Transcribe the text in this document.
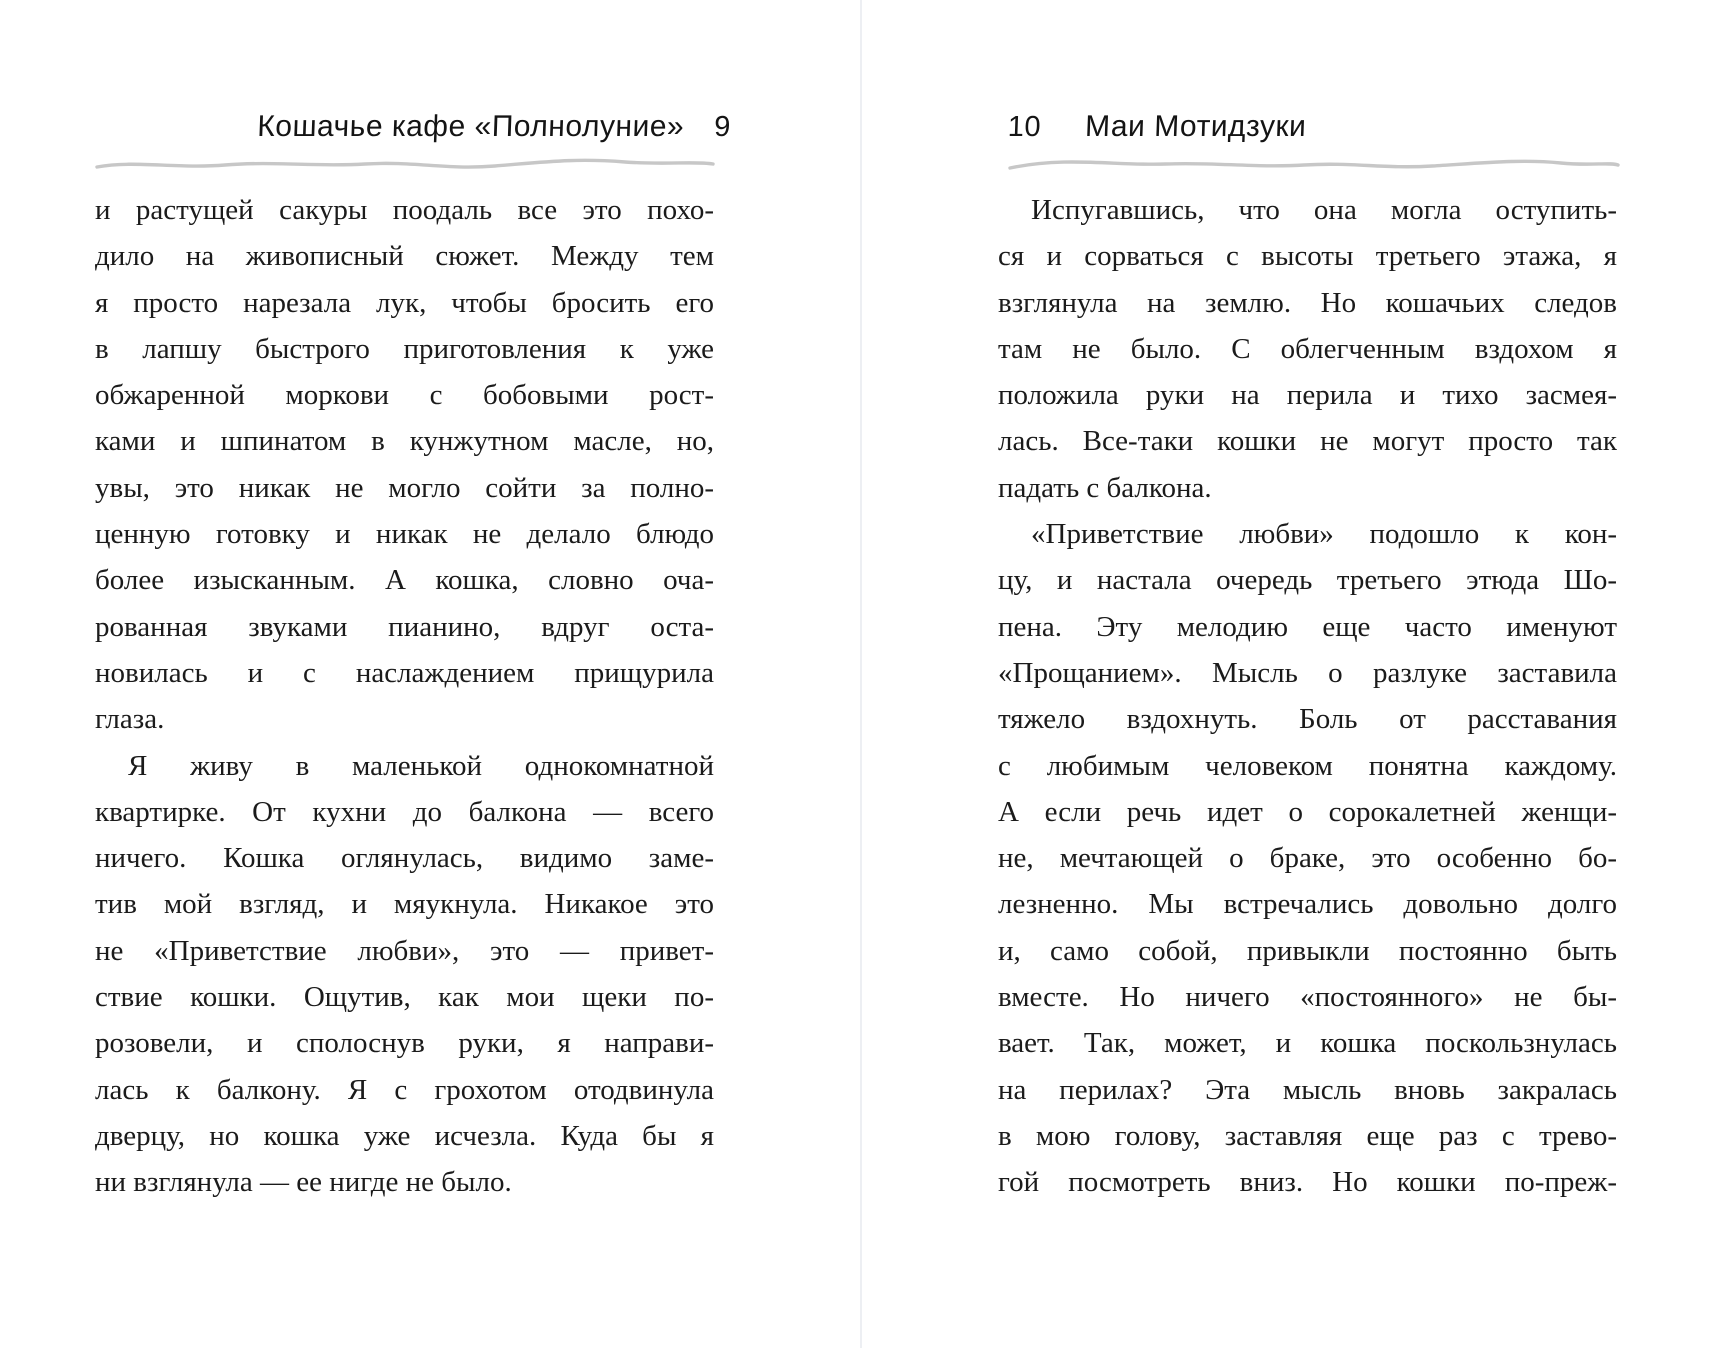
Кошачье кафе «Полнолуние» 9	10 Маи Мотидзуки
и растущей сакуры поодаль все это похо-
дило на живописный сюжет. Между тем
я просто нарезала лук, чтобы бросить его
в лапшу быстрого приготовления к уже
обжаренной моркови с бобовыми рост-
ками и шпинатом в кунжутном масле, но,
увы, это никак не могло сойти за полно-
ценную готовку и никак не делало блюдо
более изысканным. А кошка, словно оча-
рованная звуками пианино, вдруг оста-
новилась и с наслаждением прищурила
глаза.
Я живу в маленькой однокомнатной
квартирке. От кухни до балкона — всего
ничего. Кошка оглянулась, видимо заме-
тив мой взгляд, и мяукнула. Никакое это
не «Приветствие любви», это — привет-
ствие кошки. Ощутив, как мои щеки по-
розовели, и сполоснув руки, я направи-
лась к балкону. Я с грохотом отодвинула
дверцу, но кошка уже исчезла. Куда бы я
ни взглянула — ее нигде не было.
Испугавшись, что она могла оступить-
ся и сорваться с высоты третьего этажа, я
взглянула на землю. Но кошачьих следов
там не было. С облегченным вздохом я
положила руки на перила и тихо засмея-
лась. Все-таки кошки не могут просто так
падать с балкона.
«Приветствие любви» подошло к кон-
цу, и настала очередь третьего этюда Шо-
пена. Эту мелодию еще часто именуют
«Прощанием». Мысль о разлуке заставила
тяжело вздохнуть. Боль от расставания
с любимым человеком понятна каждому.
А если речь идет о сорокалетней женщи-
не, мечтающей о браке, это особенно бо-
лезненно. Мы встречались довольно долго
и, само собой, привыкли постоянно быть
вместе. Но ничего «постоянного» не бы-
вает. Так, может, и кошка поскользнулась
на перилах? Эта мысль вновь закралась
в мою голову, заставляя еще раз с трево-
гой посмотреть вниз. Но кошки по-преж-
